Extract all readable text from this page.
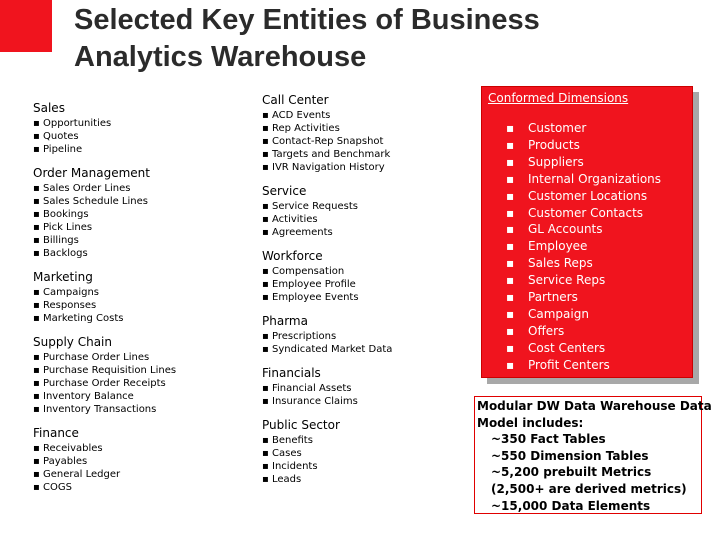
Selected Key Entities of Business
Analytics Warehouse
Sales
▪ Opportunities
▪ Quotes
▪ Pipeline
Order Management
▪ Sales Order Lines
▪ Sales Schedule Lines
▪ Bookings
▪ Pick Lines
▪ Billings
▪ Backlogs
Marketing
▪ Campaigns
▪ Responses
▪ Marketing Costs
Supply Chain
▪ Purchase Order Lines
▪ Purchase Requisition Lines
▪ Purchase Order Receipts
▪ Inventory Balance
▪ Inventory Transactions
Finance
▪ Receivables
▪ Payables
▪ General Ledger
▪ COGS
Call Center
▪ ACD Events
▪ Rep Activities
▪ Contact-Rep Snapshot
▪ Targets and Benchmark
▪ IVR Navigation History
Service
▪ Service Requests
▪ Activities
▪ Agreements
Workforce
▪ Compensation
▪ Employee Profile
▪ Employee Events
Pharma
▪ Prescriptions
▪ Syndicated Market Data
Financials
▪ Financial Assets
▪ Insurance Claims
Public Sector
▪ Benefits
▪ Cases
▪ Incidents
▪ Leads
Conformed Dimensions
▪ Customer
▪ Products
▪ Suppliers
▪ Internal Organizations
▪ Customer Locations
▪ Customer Contacts
▪ GL Accounts
▪ Employee
▪ Sales Reps
▪ Service Reps
▪ Partners
▪ Campaign
▪ Offers
▪ Cost Centers
▪ Profit Centers
Modular DW Data Warehouse Data
Model includes:
~350 Fact Tables
~550 Dimension Tables
~5,200 prebuilt Metrics
(2,500+ are derived metrics)
~15,000 Data Elements
